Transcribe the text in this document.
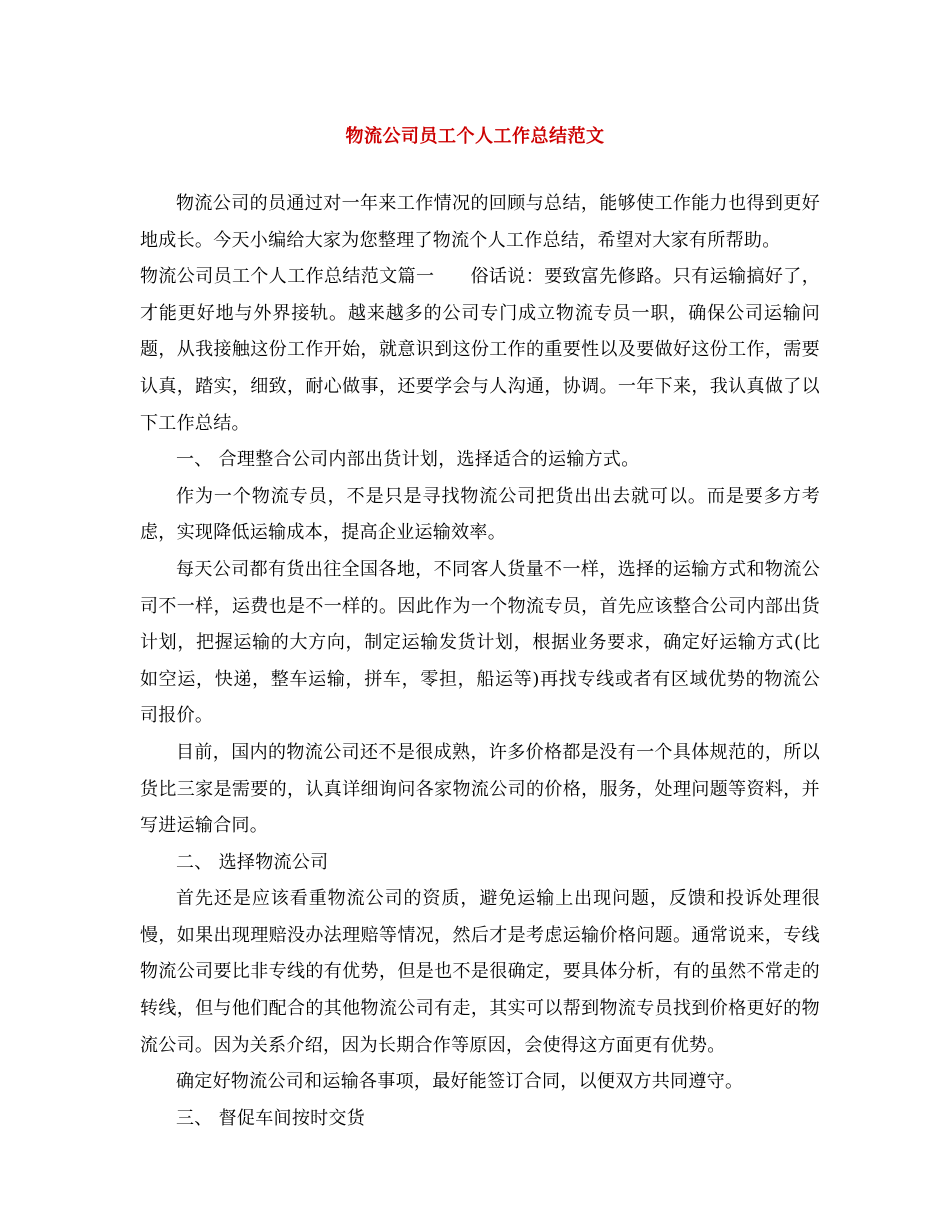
物流公司员工个人工作总结范文

物流公司的员通过对一年来工作情况的回顾与总结，能够使工作能力也得到更好地成长。今天小编给大家为您整理了物流个人工作总结，希望对大家有所帮助。

物流公司员工个人工作总结范文篇一 俗话说：要致富先修路。只有运输搞好了，才能更好地与外界接轨。越来越多的公司专门成立物流专员一职，确保公司运输问题，从我接触这份工作开始，就意识到这份工作的重要性以及要做好这份工作，需要认真，踏实，细致，耐心做事，还要学会与人沟通，协调。一年下来，我认真做了以下工作总结。

一、 合理整合公司内部出货计划，选择适合的运输方式。

作为一个物流专员，不是只是寻找物流公司把货出出去就可以。而是要多方考虑，实现降低运输成本，提高企业运输效率。

每天公司都有货出往全国各地，不同客人货量不一样，选择的运输方式和物流公司不一样，运费也是不一样的。因此作为一个物流专员，首先应该整合公司内部出货计划，把握运输的大方向，制定运输发货计划，根据业务要求，确定好运输方式(比如空运，快递，整车运输，拼车，零担，船运等)再找专线或者有区域优势的物流公司报价。

目前，国内的物流公司还不是很成熟，许多价格都是没有一个具体规范的，所以货比三家是需要的，认真详细询问各家物流公司的价格，服务，处理问题等资料，并写进运输合同。

二、 选择物流公司

首先还是应该看重物流公司的资质，避免运输上出现问题，反馈和投诉处理很慢，如果出现理赔没办法理赔等情况，然后才是考虑运输价格问题。通常说来，专线物流公司要比非专线的有优势，但是也不是很确定，要具体分析，有的虽然不常走的转线，但与他们配合的其他物流公司有走，其实可以帮到物流专员找到价格更好的物流公司。因为关系介绍，因为长期合作等原因，会使得这方面更有优势。

确定好物流公司和运输各事项，最好能签订合同，以便双方共同遵守。

三、 督促车间按时交货
